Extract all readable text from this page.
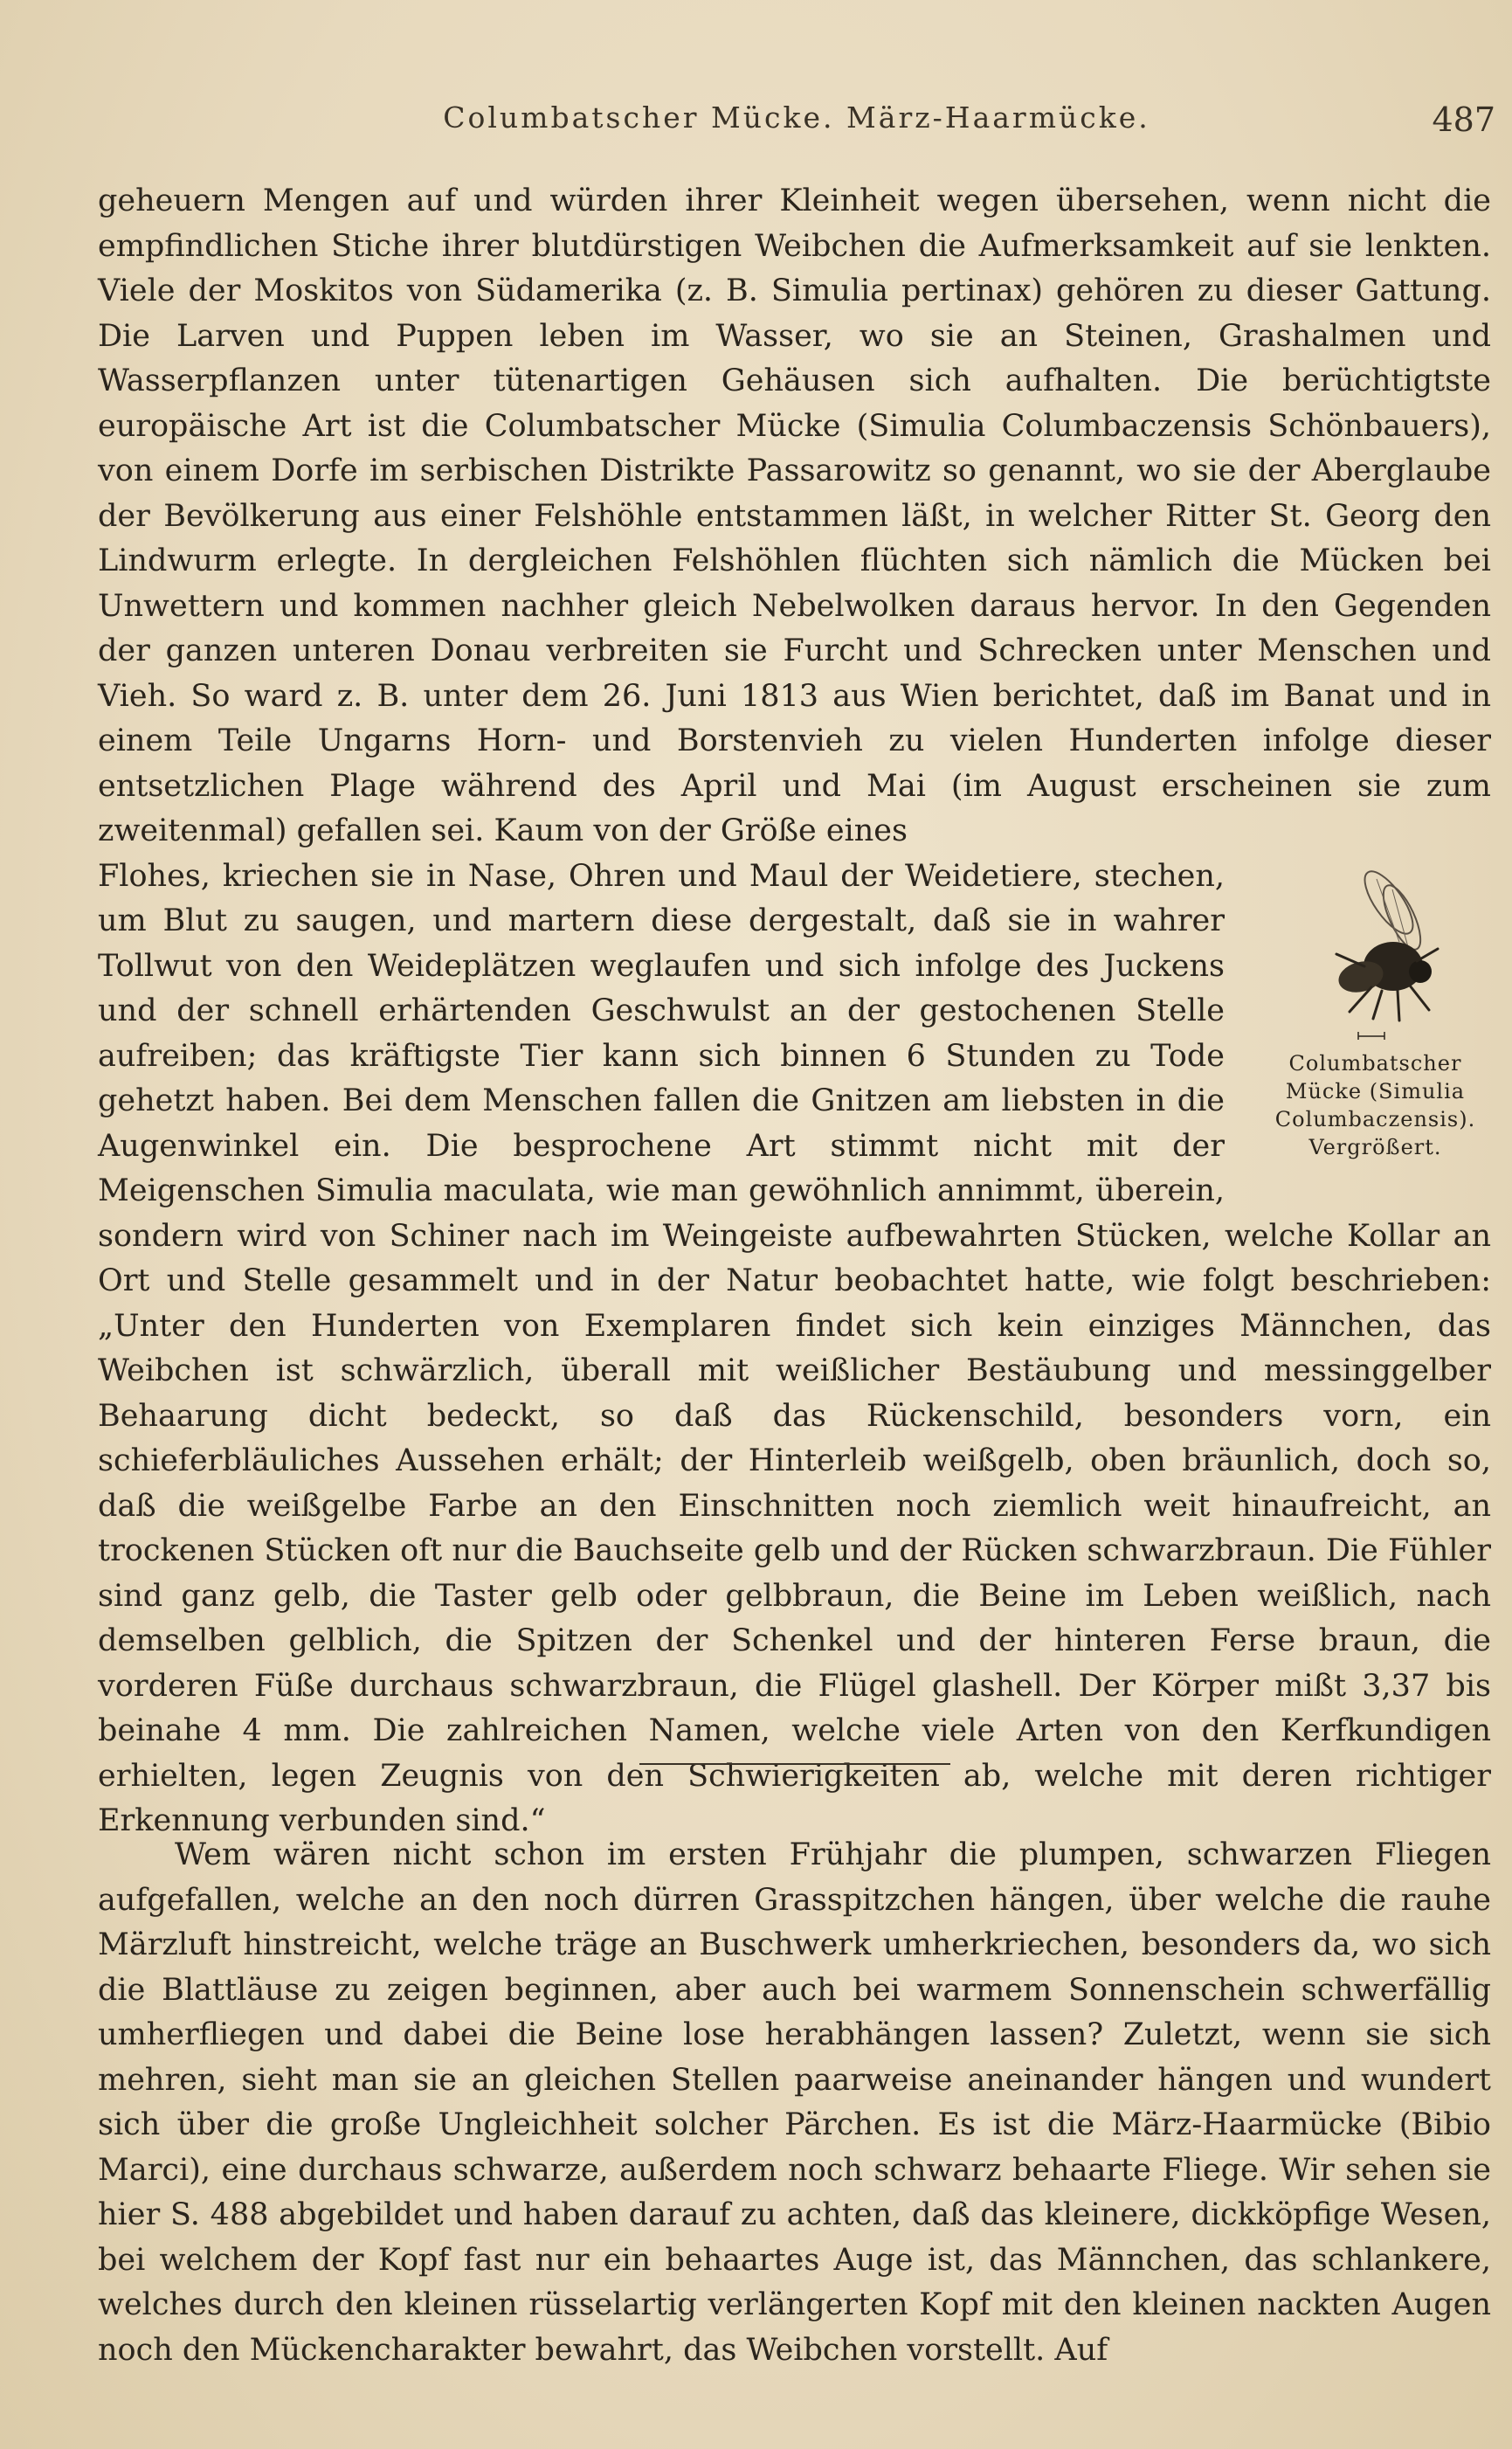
Columbatscher Mücke. März-Haarmücke.	487

geheuern Mengen auf und würden ihrer Kleinheit wegen übersehen, wenn nicht die empfindlichen Stiche ihrer blutdürstigen Weibchen die Aufmerksamkeit auf sie lenkten. Viele der Moskitos von Südamerika (z. B. Simulia pertinax) gehören zu dieser Gattung. Die Larven und Puppen leben im Wasser, wo sie an Steinen, Grashalmen und Wasserpflanzen unter tütenartigen Gehäusen sich aufhalten. Die berüchtigtste europäische Art ist die Columbatscher Mücke (Simulia Columbaczensis Schönbauers), von einem Dorfe im serbischen Distrikte Passarowitz so genannt, wo sie der Aberglaube der Bevölkerung aus einer Felshöhle entstammen läßt, in welcher Ritter St. Georg den Lindwurm erlegte. In dergleichen Felshöhlen flüchten sich nämlich die Mücken bei Unwettern und kommen nachher gleich Nebelwolken daraus hervor. In den Gegenden der ganzen unteren Donau verbreiten sie Furcht und Schrecken unter Menschen und Vieh. So ward z. B. unter dem 26. Juni 1813 aus Wien berichtet, daß im Banat und in einem Teile Ungarns Horn- und Borstenvieh zu vielen Hunderten infolge dieser entsetzlichen Plage während des April und Mai (im August erscheinen sie zum zweitenmal) gefallen sei. Kaum von der Größe eines

Columbatscher
Mücke (Simulia
Columbaczensis).
Vergrößert.

Flohes, kriechen sie in Nase, Ohren und Maul der Weidetiere, stechen, um Blut zu saugen, und martern diese dergestalt, daß sie in wahrer Tollwut von den Weideplätzen weglaufen und sich infolge des Juckens und der schnell erhärtenden Geschwulst an der gestochenen Stelle aufreiben; das kräftigste Tier kann sich binnen 6 Stunden zu Tode gehetzt haben. Bei dem Menschen fallen die Gnitzen am liebsten in die Augenwinkel ein. Die besprochene Art stimmt nicht mit der Meigenschen Simulia maculata, wie man gewöhnlich annimmt, überein, sondern wird von Schiner nach im Weingeiste aufbewahrten Stücken, welche Kollar an Ort und Stelle gesammelt und in der Natur beobachtet hatte, wie folgt beschrieben: „Unter den Hunderten von Exemplaren findet sich kein einziges Männchen, das Weibchen ist schwärzlich, überall mit weißlicher Bestäubung und messinggelber Behaarung dicht bedeckt, so daß das Rückenschild, besonders vorn, ein schieferbläuliches Aussehen erhält; der Hinterleib weißgelb, oben bräunlich, doch so, daß die weißgelbe Farbe an den Einschnitten noch ziemlich weit hinaufreicht, an trockenen Stücken oft nur die Bauchseite gelb und der Rücken schwarzbraun. Die Fühler sind ganz gelb, die Taster gelb oder gelbbraun, die Beine im Leben weißlich, nach demselben gelblich, die Spitzen der Schenkel und der hinteren Ferse braun, die vorderen Füße durchaus schwarzbraun, die Flügel glashell. Der Körper mißt 3,37 bis beinahe 4 mm. Die zahlreichen Namen, welche viele Arten von den Kerfkundigen erhielten, legen Zeugnis von den Schwierigkeiten ab, welche mit deren richtiger Erkennung verbunden sind.“

Wem wären nicht schon im ersten Frühjahr die plumpen, schwarzen Fliegen aufgefallen, welche an den noch dürren Grasspitzchen hängen, über welche die rauhe Märzluft hinstreicht, welche träge an Buschwerk umherkriechen, besonders da, wo sich die Blattläuse zu zeigen beginnen, aber auch bei warmem Sonnenschein schwerfällig umherfliegen und dabei die Beine lose herabhängen lassen? Zuletzt, wenn sie sich mehren, sieht man sie an gleichen Stellen paarweise aneinander hängen und wundert sich über die große Ungleichheit solcher Pärchen. Es ist die März-Haarmücke (Bibio Marci), eine durchaus schwarze, außerdem noch schwarz behaarte Fliege. Wir sehen sie hier S. 488 abgebildet und haben darauf zu achten, daß das kleinere, dickköpfige Wesen, bei welchem der Kopf fast nur ein behaartes Auge ist, das Männchen, das schlankere, welches durch den kleinen rüsselartig verlängerten Kopf mit den kleinen nackten Augen noch den Mückencharakter bewahrt, das Weibchen vorstellt. Auf
